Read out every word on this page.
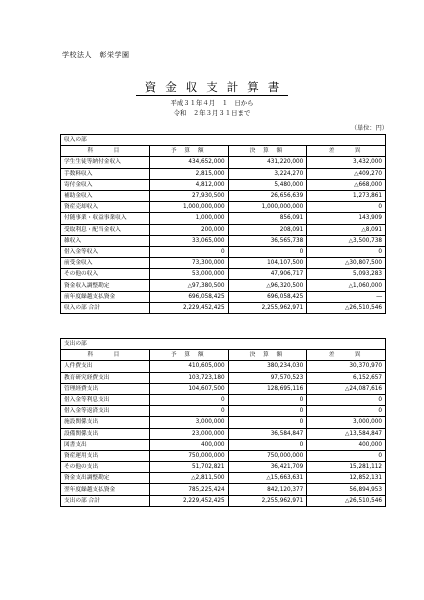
学校法人　彰栄学園
資金収支計算書
平成３１年４月　１　日から
令和　２年３月３１日まで
（単位：円）
収入の部			
科　　目	予 算 額	決 算 額	差　　異
学生生徒等納付金収入	434,652,000	431,220,000	3,432,000
手数料収入	2,815,000	3,224,270	△409,270
寄付金収入	4,812,000	5,480,000	△668,000
補助金収入	27,930,500	26,656,639	1,273,861
資産売却収入	1,000,000,000	1,000,000,000	0
付随事業・収益事業収入	1,000,000	856,091	143,909
受取利息・配当金収入	200,000	208,091	△8,091
雑収入	33,065,000	36,565,738	△3,500,738
借入金等収入	0	0	0
前受金収入	73,300,000	104,107,500	△30,807,500
その他の収入	53,000,000	47,906,717	5,093,283
資金収入調整勘定	△97,380,500	△96,320,500	△1,060,000
前年度繰越支払資金	696,058,425	696,058,425	―
収入の部 合計	2,229,452,425	2,255,962,971	△26,510,546
支出の部			
科　　目	予 算 額	決 算 額	差　　異
人件費支出	410,605,000	380,234,030	30,370,970
教育研究経費支出	103,723,180	97,570,523	6,152,657
管理経費支出	104,607,500	128,695,116	△24,087,616
借入金等利息支出	0	0	0
借入金等返済支出	0	0	0
施設関係支出	3,000,000	0	3,000,000
設備関係支出	23,000,000	36,584,847	△13,584,847
図書支出	400,000	0	400,000
資産運用支出	750,000,000	750,000,000	0
その他の支出	51,702,821	36,421,709	15,281,112
資金支出調整勘定	△2,811,500	△15,663,631	12,852,131
翌年度繰越支払資金	785,225,424	842,120,377	56,894,953
支出の部 合計	2,229,452,425	2,255,962,971	△26,510,546
